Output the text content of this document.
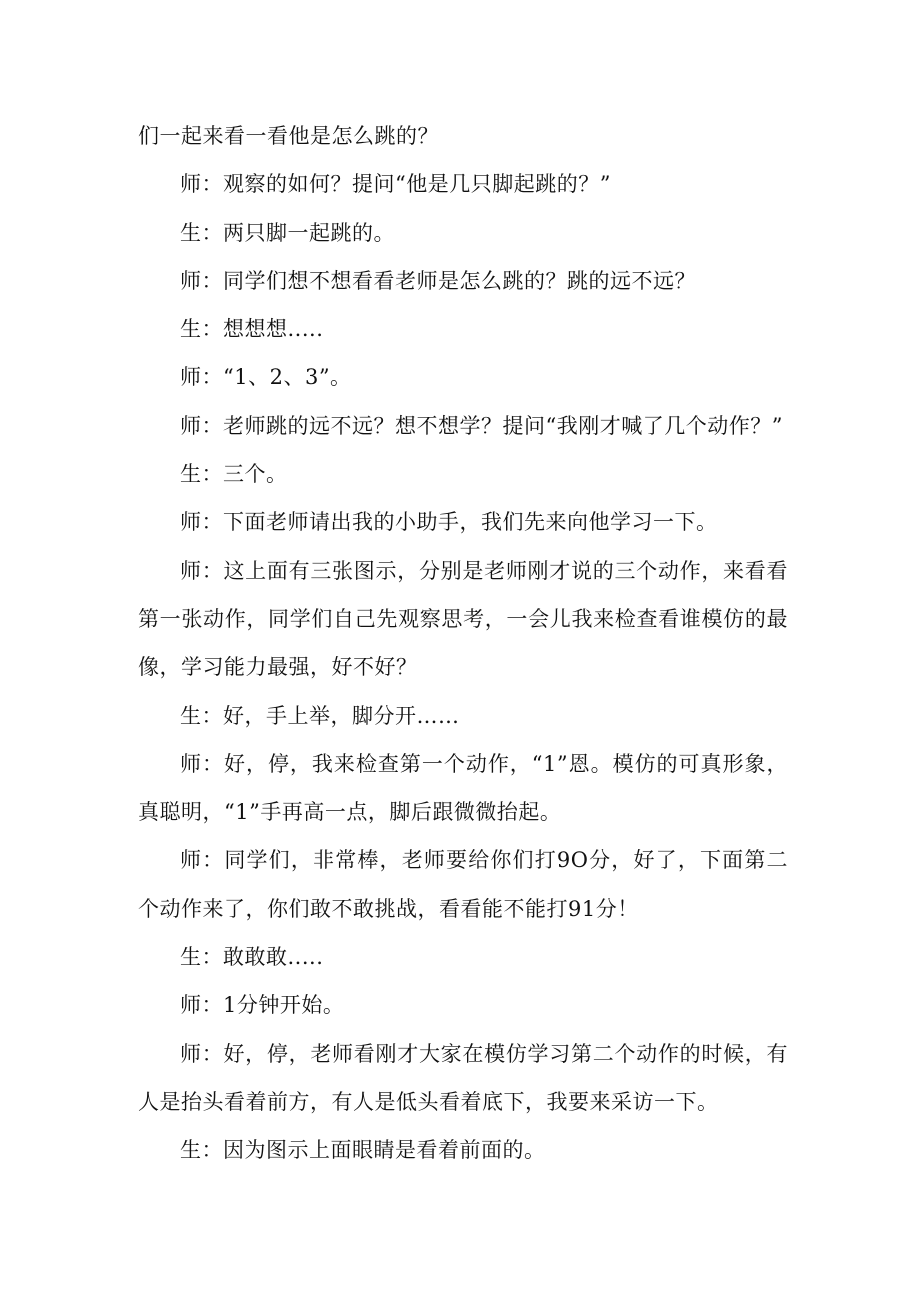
们一起来看一看他是怎么跳的？

师：观察的如何？提问“他是几只脚起跳的？”

生：两只脚一起跳的。

师：同学们想不想看看老师是怎么跳的？跳的远不远？

生：想想想.....

师：“1、2、3”。

师：老师跳的远不远？想不想学？提问“我刚才喊了几个动作？”

生：三个。

师：下面老师请出我的小助手，我们先来向他学习一下。

师：这上面有三张图示，分别是老师刚才说的三个动作，来看看第一张动作，同学们自己先观察思考，一会儿我来检查看谁模仿的最像，学习能力最强，好不好？

生：好，手上举，脚分开……

师：好，停，我来检查第一个动作，“1”恩。模仿的可真形象，真聪明，“1”手再高一点，脚后跟微微抬起。

师：同学们，非常棒，老师要给你们打9O分，好了，下面第二个动作来了，你们敢不敢挑战，看看能不能打91分！

生：敢敢敢.....

师：1分钟开始。

师：好，停，老师看刚才大家在模仿学习第二个动作的时候，有人是抬头看着前方，有人是低头看着底下，我要来采访一下。

生：因为图示上面眼睛是看着前面的。
